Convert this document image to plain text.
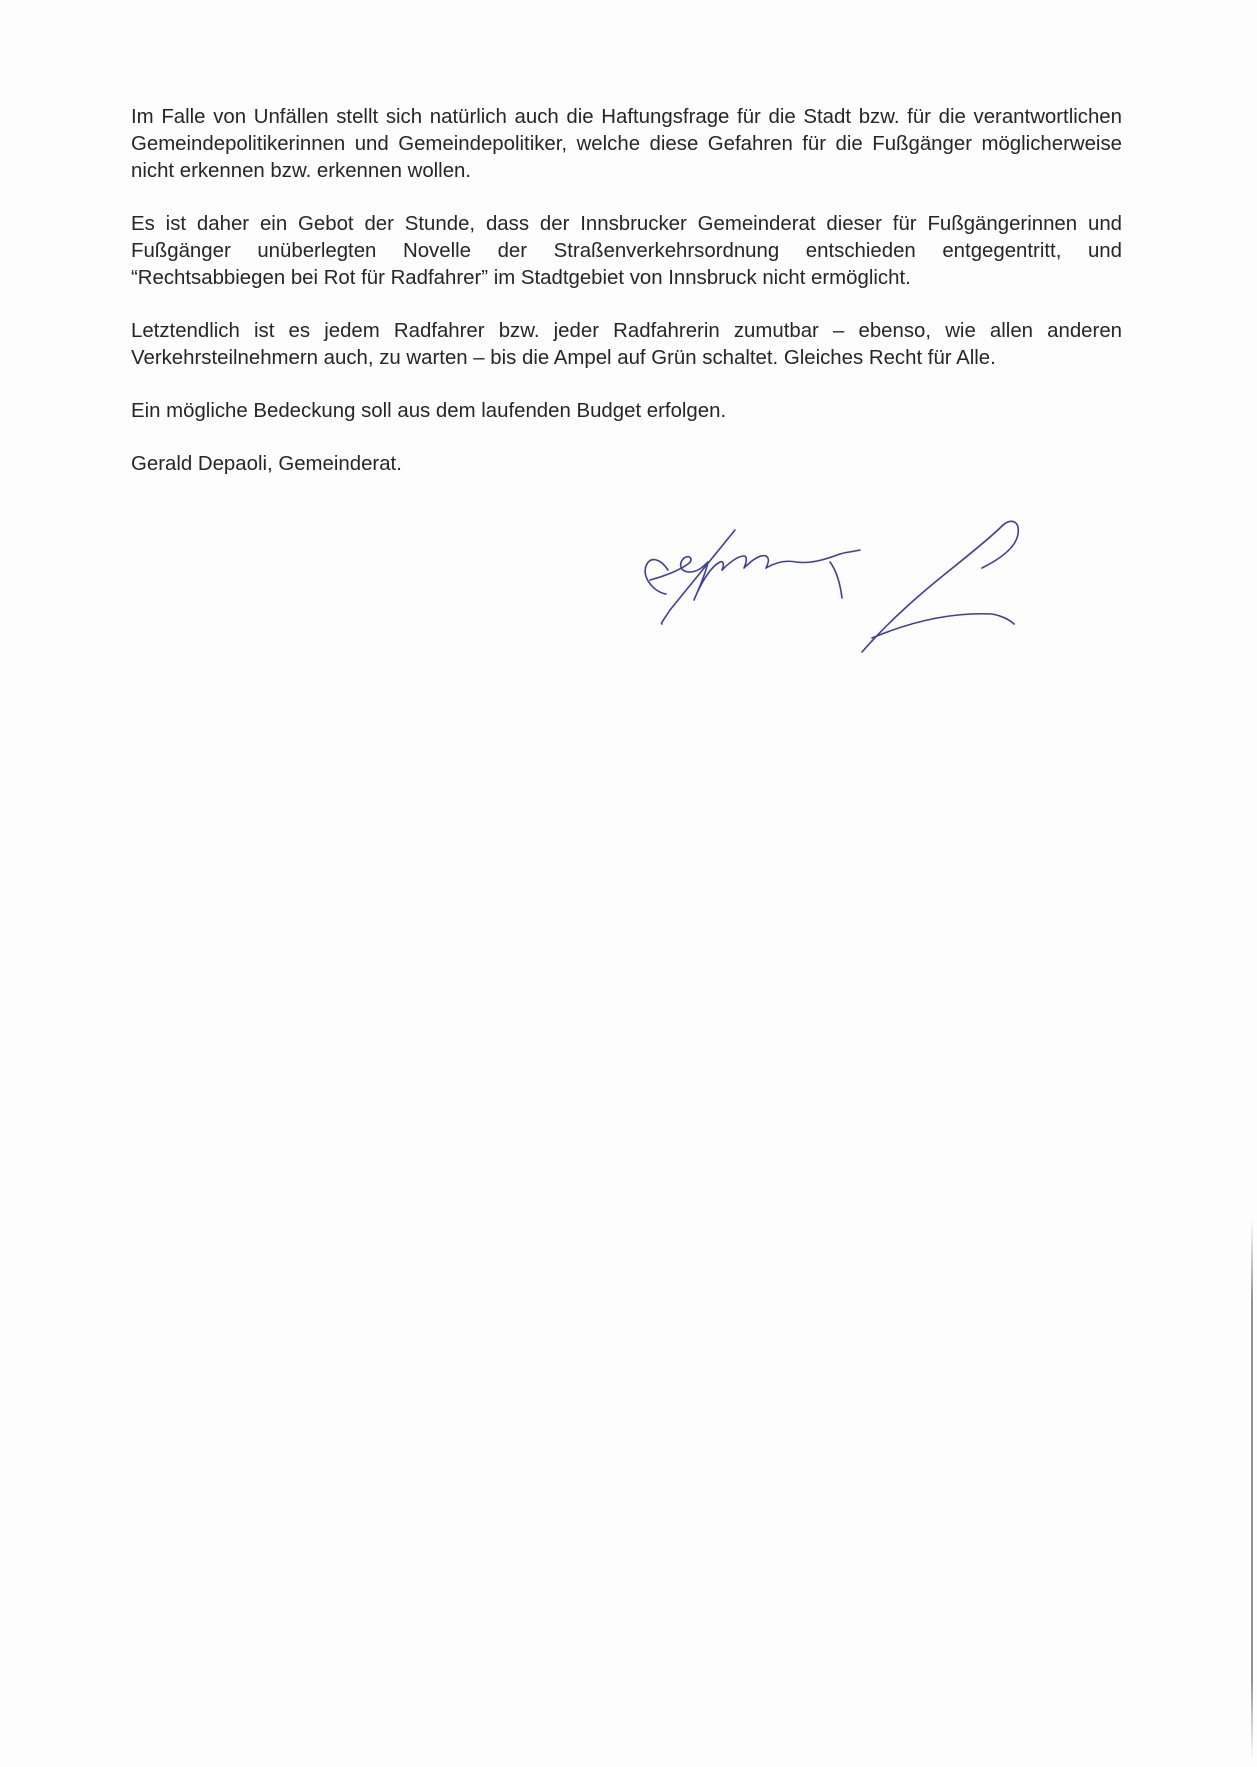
Im Falle von Unfällen stellt sich natürlich auch die Haftungsfrage für die Stadt bzw. für die verantwortlichen Gemeindepolitikerinnen und Gemeindepolitiker, welche diese Gefahren für die Fußgänger möglicherweise nicht erkennen bzw. erkennen wollen.

Es ist daher ein Gebot der Stunde, dass der Innsbrucker Gemeinderat dieser für Fußgängerinnen und Fußgänger unüberlegten Novelle der Straßenverkehrsordnung entschieden entgegentritt, und “Rechtsabbiegen bei Rot für Radfahrer” im Stadtgebiet von Innsbruck nicht ermöglicht.

Letztendlich ist es jedem Radfahrer bzw. jeder Radfahrerin zumutbar – ebenso, wie allen anderen Verkehrsteilnehmern auch, zu warten – bis die Ampel auf Grün schaltet. Gleiches Recht für Alle.

Ein mögliche Bedeckung soll aus dem laufenden Budget erfolgen.

Gerald Depaoli, Gemeinderat.
